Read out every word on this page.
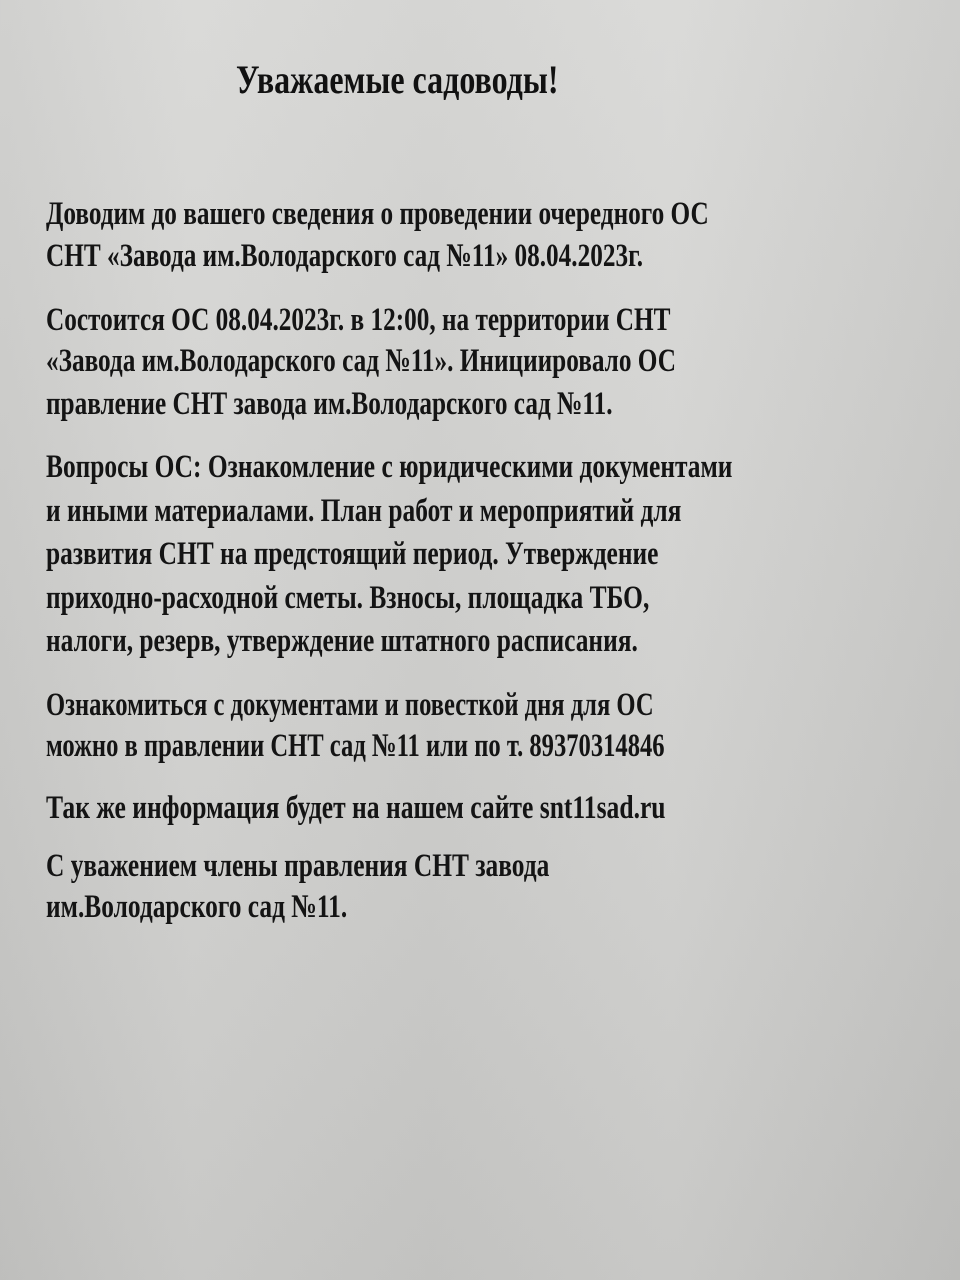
Уважаемые садоводы!
Доводим до вашего сведения о проведении очередного ОС
СНТ «Завода им.Володарского сад №11» 08.04.2023г.
Состоится ОС 08.04.2023г. в 12:00, на территории СНТ
«Завода им.Володарского сад №11». Инициировало ОС
правление СНТ завода им.Володарского сад №11.
Вопросы ОС: Ознакомление с юридическими документами
и иными материалами. План работ и мероприятий для
развития СНТ на предстоящий период. Утверждение
приходно-расходной сметы. Взносы, площадка ТБО,
налоги, резерв, утверждение штатного расписания.
Ознакомиться с документами и повесткой дня для ОС
можно в правлении СНТ сад №11 или по т. 89370314846
Так же информация будет на нашем сайте snt11sad.ru
С уважением члены правления СНТ завода
им.Володарского сад №11.
